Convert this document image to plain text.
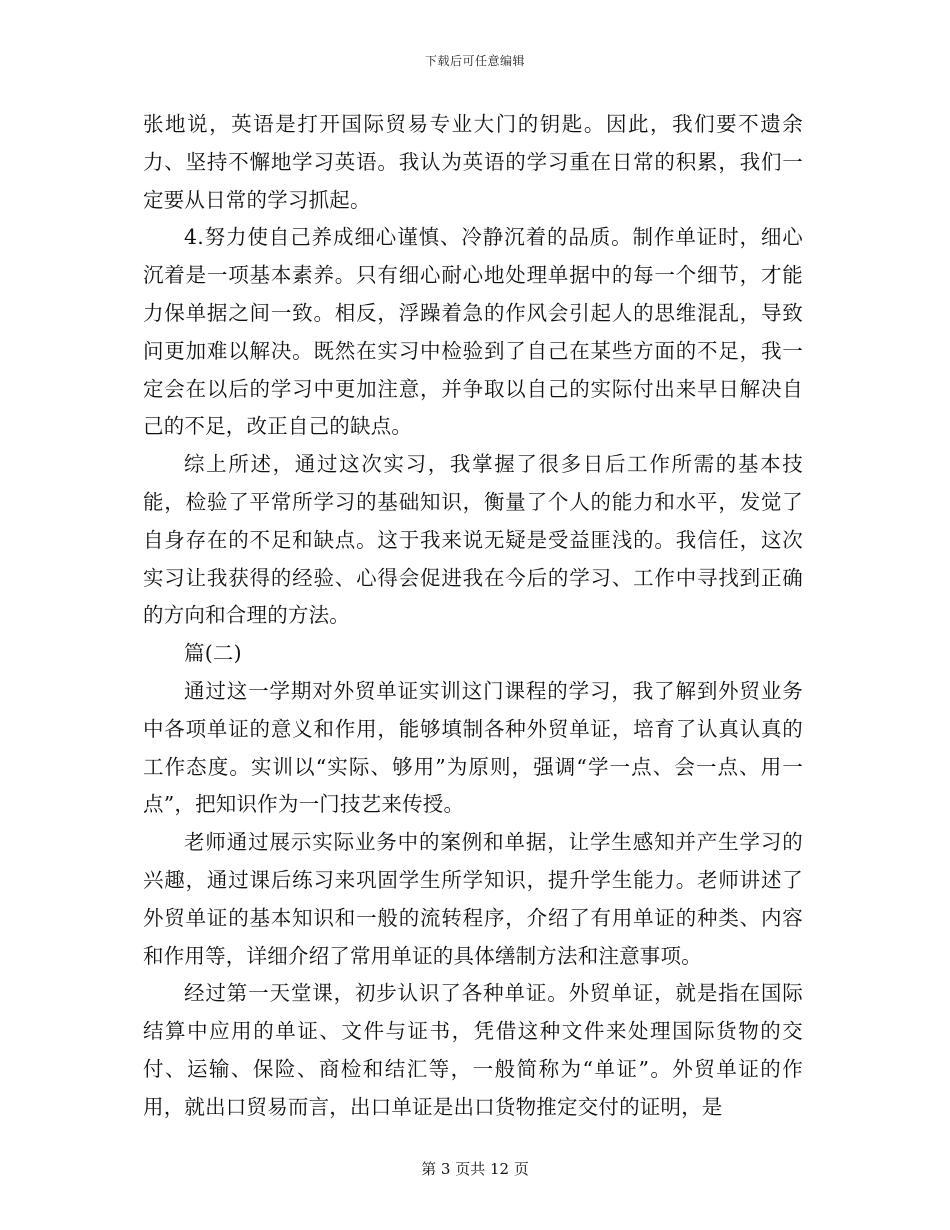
下载后可任意编辑

张地说，英语是打开国际贸易专业大门的钥匙。因此，我们要不遗余力、坚持不懈地学习英语。我认为英语的学习重在日常的积累，我们一定要从日常的学习抓起。

4.努力使自己养成细心谨慎、冷静沉着的品质。制作单证时，细心沉着是一项基本素养。只有细心耐心地处理单据中的每一个细节，才能力保单据之间一致。相反，浮躁着急的作风会引起人的思维混乱，导致问更加难以解决。既然在实习中检验到了自己在某些方面的不足，我一定会在以后的学习中更加注意，并争取以自己的实际付出来早日解决自己的不足，改正自己的缺点。

综上所述，通过这次实习，我掌握了很多日后工作所需的基本技能，检验了平常所学习的基础知识，衡量了个人的能力和水平，发觉了自身存在的不足和缺点。这于我来说无疑是受益匪浅的。我信任，这次实习让我获得的经验、心得会促进我在今后的学习、工作中寻找到正确的方向和合理的方法。

篇(二)

通过这一学期对外贸单证实训这门课程的学习，我了解到外贸业务中各项单证的意义和作用，能够填制各种外贸单证，培育了认真认真的工作态度。实训以“实际、够用”为原则，强调“学一点、会一点、用一点”，把知识作为一门技艺来传授。

老师通过展示实际业务中的案例和单据，让学生感知并产生学习的兴趣，通过课后练习来巩固学生所学知识，提升学生能力。老师讲述了外贸单证的基本知识和一般的流转程序，介绍了有用单证的种类、内容和作用等，详细介绍了常用单证的具体缮制方法和注意事项。

经过第一天堂课，初步认识了各种单证。外贸单证，就是指在国际结算中应用的单证、文件与证书，凭借这种文件来处理国际货物的交付、运输、保险、商检和结汇等，一般简称为“单证”。外贸单证的作用，就出口贸易而言，出口单证是出口货物推定交付的证明，是

第 3 页共 12 页
